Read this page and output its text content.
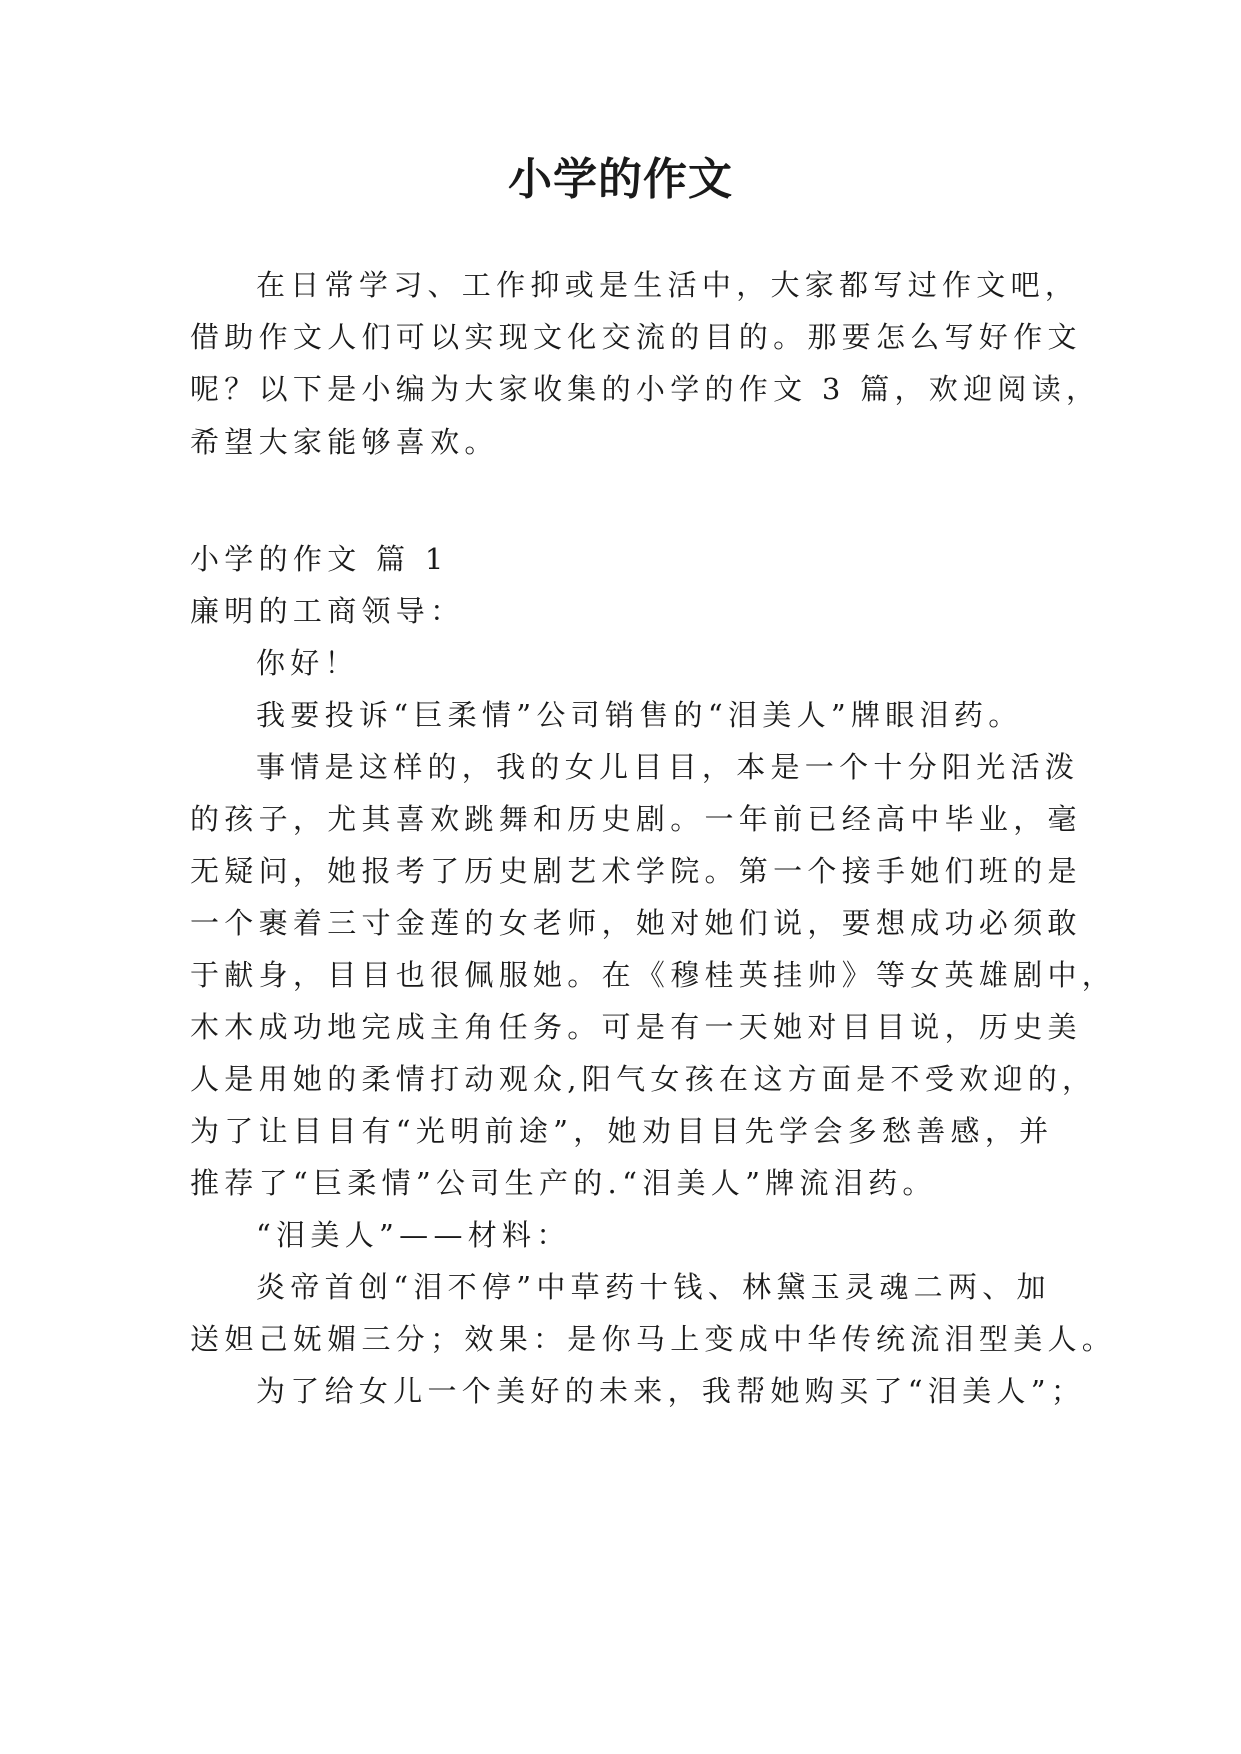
小学的作文
在日常学习、工作抑或是生活中，大家都写过作文吧，
借助作文人们可以实现文化交流的目的。那要怎么写好作文
呢？以下是小编为大家收集的小学的作文 3 篇，欢迎阅读，
希望大家能够喜欢。
小学的作文 篇 1
廉明的工商领导：
你好！
我要投诉“巨柔情”公司销售的“泪美人”牌眼泪药。
事情是这样的，我的女儿目目，本是一个十分阳光活泼
的孩子，尤其喜欢跳舞和历史剧。一年前已经高中毕业，毫
无疑问，她报考了历史剧艺术学院。第一个接手她们班的是
一个裹着三寸金莲的女老师，她对她们说，要想成功必须敢
于献身，目目也很佩服她。在《穆桂英挂帅》等女英雄剧中，
木木成功地完成主角任务。可是有一天她对目目说，历史美
人是用她的柔情打动观众,阳气女孩在这方面是不受欢迎的，
为了让目目有“光明前途”，她劝目目先学会多愁善感，并
推荐了“巨柔情”公司生产的.“泪美人”牌流泪药。
“泪美人”——材料：
炎帝首创“泪不停”中草药十钱、林黛玉灵魂二两、加
送妲己妩媚三分；效果：是你马上变成中华传统流泪型美人。
为了给女儿一个美好的未来，我帮她购买了“泪美人”；
